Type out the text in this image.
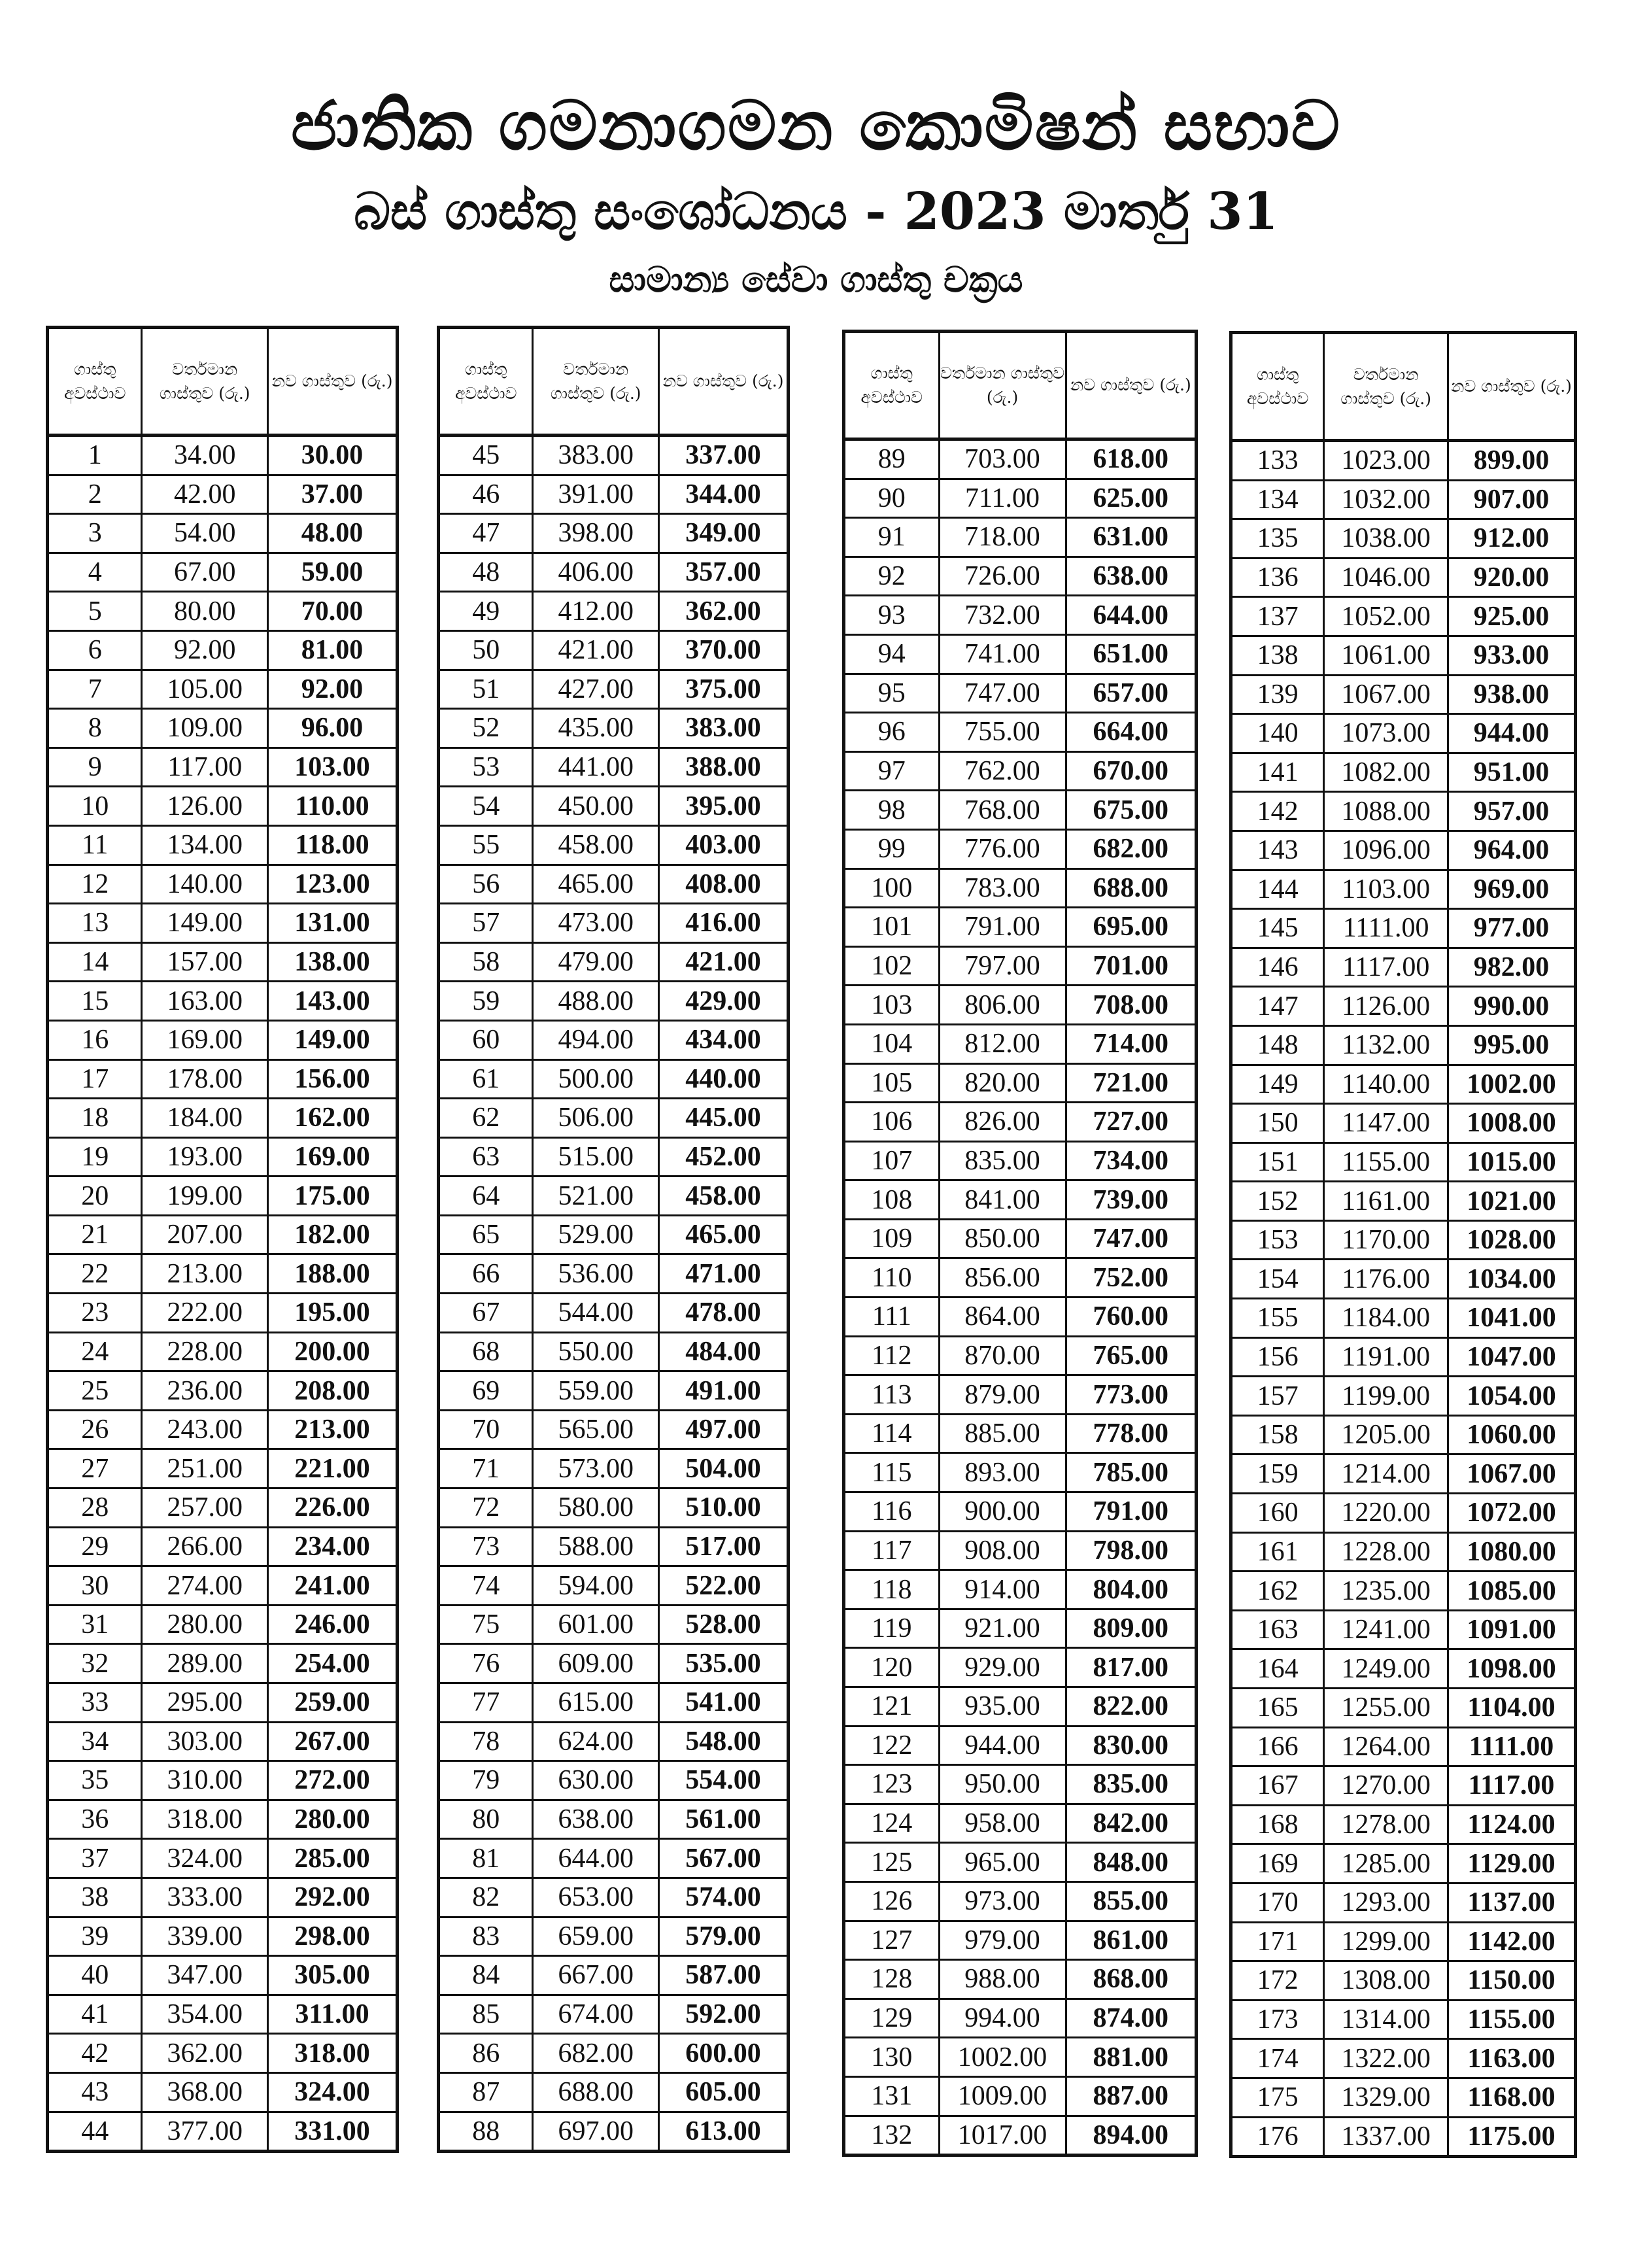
ජාතික ගමනාගමන කොමිෂන් සභාව
බස් ගාස්තු සංශෝධනය - 2023 මාර්තු 31
සාමාන්‍ය සේවා ගාස්තු චක්‍රය
ගාස්තු අවස්ථාව	වර්තමාන ගාස්තුව (රු.)	නව ගාස්තුව (රු.)
1	34.00	30.00
2	42.00	37.00
3	54.00	48.00
4	67.00	59.00
5	80.00	70.00
6	92.00	81.00
7	105.00	92.00
8	109.00	96.00
9	117.00	103.00
10	126.00	110.00
11	134.00	118.00
12	140.00	123.00
13	149.00	131.00
14	157.00	138.00
15	163.00	143.00
16	169.00	149.00
17	178.00	156.00
18	184.00	162.00
19	193.00	169.00
20	199.00	175.00
21	207.00	182.00
22	213.00	188.00
23	222.00	195.00
24	228.00	200.00
25	236.00	208.00
26	243.00	213.00
27	251.00	221.00
28	257.00	226.00
29	266.00	234.00
30	274.00	241.00
31	280.00	246.00
32	289.00	254.00
33	295.00	259.00
34	303.00	267.00
35	310.00	272.00
36	318.00	280.00
37	324.00	285.00
38	333.00	292.00
39	339.00	298.00
40	347.00	305.00
41	354.00	311.00
42	362.00	318.00
43	368.00	324.00
44	377.00	331.00
ගාස්තු අවස්ථාව	වර්තමාන ගාස්තුව (රු.)	නව ගාස්තුව (රු.)
45	383.00	337.00
46	391.00	344.00
47	398.00	349.00
48	406.00	357.00
49	412.00	362.00
50	421.00	370.00
51	427.00	375.00
52	435.00	383.00
53	441.00	388.00
54	450.00	395.00
55	458.00	403.00
56	465.00	408.00
57	473.00	416.00
58	479.00	421.00
59	488.00	429.00
60	494.00	434.00
61	500.00	440.00
62	506.00	445.00
63	515.00	452.00
64	521.00	458.00
65	529.00	465.00
66	536.00	471.00
67	544.00	478.00
68	550.00	484.00
69	559.00	491.00
70	565.00	497.00
71	573.00	504.00
72	580.00	510.00
73	588.00	517.00
74	594.00	522.00
75	601.00	528.00
76	609.00	535.00
77	615.00	541.00
78	624.00	548.00
79	630.00	554.00
80	638.00	561.00
81	644.00	567.00
82	653.00	574.00
83	659.00	579.00
84	667.00	587.00
85	674.00	592.00
86	682.00	600.00
87	688.00	605.00
88	697.00	613.00
ගාස්තු අවස්ථාව	වර්තමාන ගාස්තුව (රු.)	නව ගාස්තුව (රු.)
89	703.00	618.00
90	711.00	625.00
91	718.00	631.00
92	726.00	638.00
93	732.00	644.00
94	741.00	651.00
95	747.00	657.00
96	755.00	664.00
97	762.00	670.00
98	768.00	675.00
99	776.00	682.00
100	783.00	688.00
101	791.00	695.00
102	797.00	701.00
103	806.00	708.00
104	812.00	714.00
105	820.00	721.00
106	826.00	727.00
107	835.00	734.00
108	841.00	739.00
109	850.00	747.00
110	856.00	752.00
111	864.00	760.00
112	870.00	765.00
113	879.00	773.00
114	885.00	778.00
115	893.00	785.00
116	900.00	791.00
117	908.00	798.00
118	914.00	804.00
119	921.00	809.00
120	929.00	817.00
121	935.00	822.00
122	944.00	830.00
123	950.00	835.00
124	958.00	842.00
125	965.00	848.00
126	973.00	855.00
127	979.00	861.00
128	988.00	868.00
129	994.00	874.00
130	1002.00	881.00
131	1009.00	887.00
132	1017.00	894.00
ගාස්තු අවස්ථාව	වර්තමාන ගාස්තුව (රු.)	නව ගාස්තුව (රු.)
133	1023.00	899.00
134	1032.00	907.00
135	1038.00	912.00
136	1046.00	920.00
137	1052.00	925.00
138	1061.00	933.00
139	1067.00	938.00
140	1073.00	944.00
141	1082.00	951.00
142	1088.00	957.00
143	1096.00	964.00
144	1103.00	969.00
145	1111.00	977.00
146	1117.00	982.00
147	1126.00	990.00
148	1132.00	995.00
149	1140.00	1002.00
150	1147.00	1008.00
151	1155.00	1015.00
152	1161.00	1021.00
153	1170.00	1028.00
154	1176.00	1034.00
155	1184.00	1041.00
156	1191.00	1047.00
157	1199.00	1054.00
158	1205.00	1060.00
159	1214.00	1067.00
160	1220.00	1072.00
161	1228.00	1080.00
162	1235.00	1085.00
163	1241.00	1091.00
164	1249.00	1098.00
165	1255.00	1104.00
166	1264.00	1111.00
167	1270.00	1117.00
168	1278.00	1124.00
169	1285.00	1129.00
170	1293.00	1137.00
171	1299.00	1142.00
172	1308.00	1150.00
173	1314.00	1155.00
174	1322.00	1163.00
175	1329.00	1168.00
176	1337.00	1175.00
